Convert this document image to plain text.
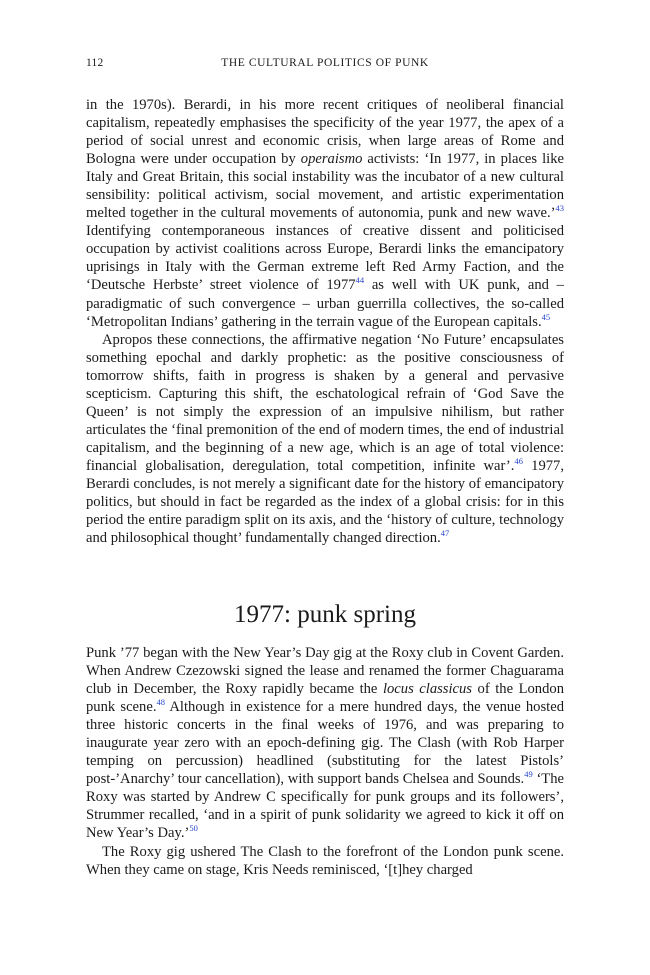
112	THE CULTURAL POLITICS OF PUNK

in the 1970s). Berardi, in his more recent critiques of neoliberal financial capitalism, repeatedly emphasises the specificity of the year 1977, the apex of a period of social unrest and economic crisis, when large areas of Rome and Bologna were under occupation by operaismo activists: ‘In 1977, in places like Italy and Great Britain, this social instability was the incubator of a new cultural sensibility: political activism, social movement, and artistic experimentation melted together in the cultural movements of autonomia, punk and new wave.’$^{43}$ Identifying contemporaneous instances of creative dissent and politicised occupation by activist coalitions across Europe, Berardi links the emancipatory uprisings in Italy with the German extreme left Red Army Faction, and the ‘Deutsche Herbste’ street violence of 1977$^{44}$ as well with UK punk, and – paradigmatic of such convergence – urban guerrilla collectives, the so-called ‘Metropolitan Indians’ gathering in the terrain vague of the European capitals.$^{45}$

Apropos these connections, the affirmative negation ‘No Future’ encapsulates something epochal and darkly prophetic: as the positive consciousness of tomorrow shifts, faith in progress is shaken by a general and pervasive scepticism. Capturing this shift, the eschatological refrain of ‘God Save the Queen’ is not simply the expression of an impulsive nihilism, but rather articulates the ‘final premonition of the end of modern times, the end of industrial capitalism, and the beginning of a new age, which is an age of total violence: financial globalisation, deregulation, total competition, infinite war’.$^{46}$ 1977, Berardi concludes, is not merely a significant date for the history of emancipatory politics, but should in fact be regarded as the index of a global crisis: for in this period the entire paradigm split on its axis, and the ‘history of culture, technology and philosophical thought’ fundamentally changed direction.$^{47}$

1977: punk spring

Punk ’77 began with the New Year’s Day gig at the Roxy club in Covent Garden. When Andrew Czezowski signed the lease and renamed the former Chaguarama club in December, the Roxy rapidly became the locus classicus of the London punk scene.$^{48}$ Although in existence for a mere hundred days, the venue hosted three historic concerts in the final weeks of 1976, and was preparing to inaugurate year zero with an epoch-defining gig. The Clash (with Rob Harper temping on percussion) headlined (substituting for the latest Pistols’ post-’Anarchy’ tour cancellation), with support bands Chelsea and Sounds.$^{49}$ ‘The Roxy was started by Andrew C specifically for punk groups and its followers’, Strummer recalled, ‘and in a spirit of punk solidarity we agreed to kick it off on New Year’s Day.’$^{50}$

The Roxy gig ushered The Clash to the forefront of the London punk scene. When they came on stage, Kris Needs reminisced, ‘[t]hey charged
